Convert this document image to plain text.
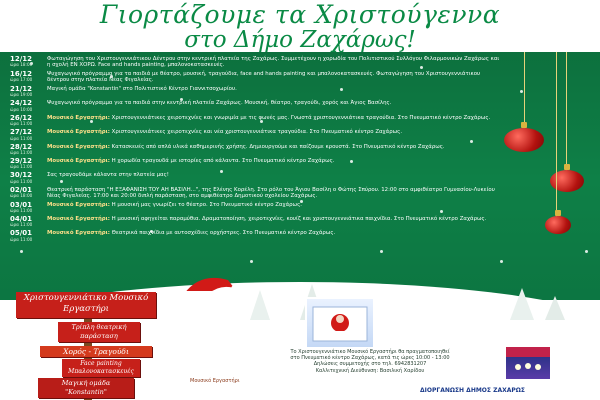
Γιορτάζουμε τα Χριστούγεννα
στο Δήμο Ζαχάρως!
12/12
ώρα 18:00
Φωταγώγηση του Χριστουγεννιάτικου Δέντρου στην κεντρική πλατεία της Ζαχάρως. Συμμετέχουν η χορωδία του Πολιτιστικού Συλλόγου Φιλαρμονικών Ζαχάρως και η σχολή ΕΝ ΧΟΡΩ. Face and hands painting, μπαλονοκατασκευές.
16/12
ώρα 17:00
Ψυχαγωγικό πρόγραμμα για τα παιδιά με θέατρο, μουσική, τραγούδια, face and hands painting και μπαλονοκατασκευές. Φωταγώγηση του Χριστουγεννιάτικου δέντρου στην πλατεία Νέας Φιγαλείας.
21/12
ώρα 19:00
Μαγική ομάδα "Konstantin" στο Πολιτιστικό Κέντρο Γιαννιτσοχωρίου.
24/12
ώρα 10:00
Ψυχαγωγικό πρόγραμμα για τα παιδιά στην κεντρική πλατεία Ζαχάρως. Μουσική, θέατρο, τραγούδι, χορός και Άγιος Βασίλης.
26/12
ώρα 11:00
Μουσικό Εργαστήρι: Χριστουγεννιάτικες χειροτεχνίες και γνωριμία με τις φωνές μας. Γνωστά χριστουγεννιάτικα τραγούδια. Στο Πνευματικό κέντρο Ζαχάρως.
27/12
ώρα 11:00
Μουσικό Εργαστήρι: Χριστουγεννιάτικες χειροτεχνίες και νέα χριστουγεννιάτικα τραγούδια. Στο Πνευματικό κέντρο Ζαχάρως.
28/12
ώρα 11:00
Μουσικό Εργαστήρι: Κατασκευές από απλά υλικά καθημερινής χρήσης. Δημιουργούμε και παίζουμε κρουστά. Στο Πνευματικό κέντρο Ζαχάρως.
29/12
ώρα 11:00
Μουσικό Εργαστήρι: Η χορωδία τραγουδά με ιστορίες από κάλαντα. Στο Πνευματικό κέντρο Ζαχάρως.
30/12
ώρα 11:00
Σας τραγουδάμε κάλαντα στην πλατεία μας!
02/01
ώρα 18:00
Θεατρική παράσταση "Η ΕΞΑΦΑΝΙΣΗ ΤΟΥ ΑΗ ΒΑΣΙΛΗ...", της Ελένης Κορέλη. Στο ρόλο του Άγιου Βασίλη ο Φώτης Σπύρου. 12:00 στο αμφιθέατρο Γυμνασίου-Λυκείου Νέας Φιγαλείας. 17:00 και 20:00 διπλή παράσταση, στο αμφιθέατρο Δημοτικού σχολείου Ζαχάρως.
03/01
ώρα 11:00
Μουσικό Εργαστήρι: Η μουσική μας γνωρίζει το θέατρο. Στο Πνευματικό κέντρο Ζαχάρως.
04/01
ώρα 11:00
Μουσικό Εργαστήρι: Η μουσική αφηγείται παραμύθια. Δραματοποίηση, χειροτεχνίες, κουίζ και χριστουγεννιάτικα παιχνίδια. Στο Πνευματικό κέντρο Ζαχάρως.
05/01
ώρα 11:00
Μουσικό Εργαστήρι: Θεατρικά παιχνίδια με αυτοσχέδιες ορχήστρες. Στο Πνευματικό κέντρο Ζαχάρως.
Χριστουγεννιάτικο Μουσικό Εργαστήρι
Τρίπλη θεατρική παράσταση
Χορός - Τραγούδι
Face painting Μπαλονοκατασκευές
Μαγική ομάδα "Konstantin"
Μουσικό Εργαστήρι
Το Χριστουγεννιάτικο Μουσικό Εργαστήρι θα πραγματοποιηθεί
στο Πνευματικό κέντρο Ζαχάρως, κατά τις ώρες 10:00 - 13:00
Δηλώσεις συμμετοχής στο τηλ. 6942831207
Καλλιτεχνική Διεύθυνση: Βασιλική Χαρίδου
ΔΙΟΡΓΑΝΩΣΗ ΔΗΜΟΣ ΖΑΧΑΡΩΣ
